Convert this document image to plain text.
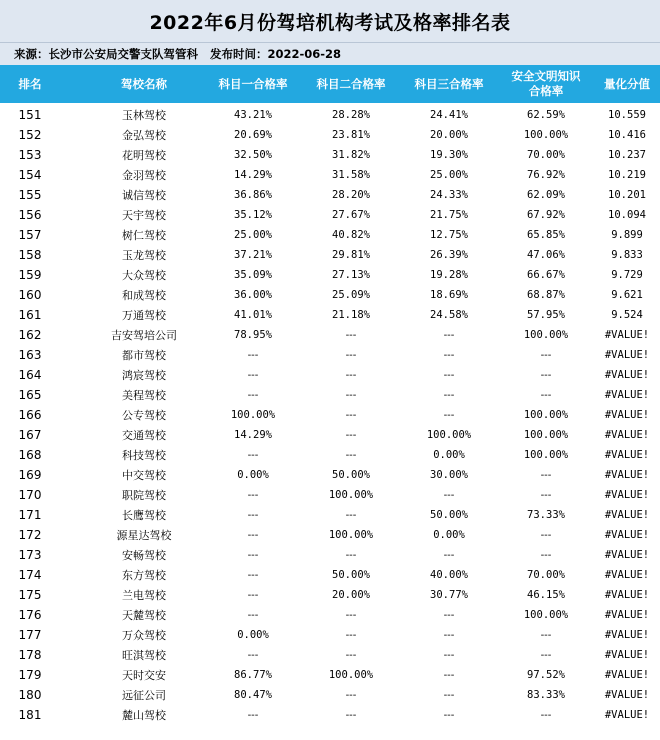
2022年6月份驾培机构考试及格率排名表
来源：长沙市公安局交警支队驾管科 发布时间：2022-06-28
排名	驾校名称	科目一合格率	科目二合格率	科目三合格率	安全文明知识
合格率	量化分值
151	玉林驾校	43.21%	28.28%	24.41%	62.59%	10.559
152	金弘驾校	20.69%	23.81%	20.00%	100.00%	10.416
153	花明驾校	32.50%	31.82%	19.30%	70.00%	10.237
154	金羽驾校	14.29%	31.58%	25.00%	76.92%	10.219
155	诚信驾校	36.86%	28.20%	24.33%	62.09%	10.201
156	天宇驾校	35.12%	27.67%	21.75%	67.92%	10.094
157	树仁驾校	25.00%	40.82%	12.75%	65.85%	9.899
158	玉龙驾校	37.21%	29.81%	26.39%	47.06%	9.833
159	大众驾校	35.09%	27.13%	19.28%	66.67%	9.729
160	和成驾校	36.00%	25.09%	18.69%	68.87%	9.621
161	万通驾校	41.01%	21.18%	24.58%	57.95%	9.524
162	吉安驾培公司	78.95%	---	---	100.00%	#VALUE!
163	都市驾校	---	---	---	---	#VALUE!
164	鸿宸驾校	---	---	---	---	#VALUE!
165	美程驾校	---	---	---	---	#VALUE!
166	公专驾校	100.00%	---	---	100.00%	#VALUE!
167	交通驾校	14.29%	---	100.00%	100.00%	#VALUE!
168	科技驾校	---	---	0.00%	100.00%	#VALUE!
169	中交驾校	0.00%	50.00%	30.00%	---	#VALUE!
170	职院驾校	---	100.00%	---	---	#VALUE!
171	长鹰驾校	---	---	50.00%	73.33%	#VALUE!
172	源星达驾校	---	100.00%	0.00%	---	#VALUE!
173	安畅驾校	---	---	---	---	#VALUE!
174	东方驾校	---	50.00%	40.00%	70.00%	#VALUE!
175	兰电驾校	---	20.00%	30.77%	46.15%	#VALUE!
176	天麓驾校	---	---	---	100.00%	#VALUE!
177	万众驾校	0.00%	---	---	---	#VALUE!
178	旺淇驾校	---	---	---	---	#VALUE!
179	天时交安	86.77%	100.00%	---	97.52%	#VALUE!
180	远征公司	80.47%	---	---	83.33%	#VALUE!
181	麓山驾校	---	---	---	---	#VALUE!
